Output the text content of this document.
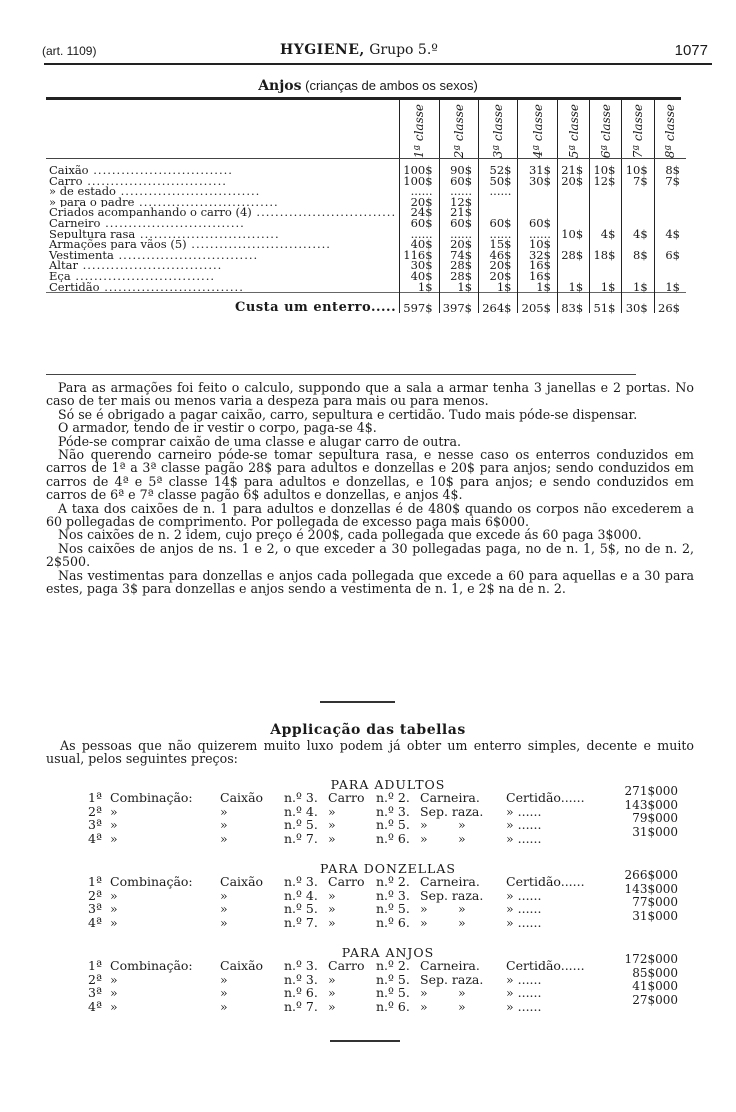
(art. 1109)	HYGIENE, Grupo 5.º	1077
Anjos (crianças de ambos os sexos)

	1ª classe	2ª classe	3ª classe	4ª classe	5ª classe	6ª classe	7ª classe	8ª classe

Caixão ..............................	100$	90$	52$	31$	21$	10$	10$	8$
Carro ..............................	100$	60$	50$	30$	20$	12$	7$	7$
» de estado ..............................	......	......	......					
» para o padre ..............................	20$	12$						
Criados acompanhando o carro (4) ..............................	24$	21$						
Carneiro ..............................	60$	60$	60$	60$				
Sepultura rasa ..............................	......	......	......	......	10$	4$	4$	4$
Armações para vãos (5) ..............................	40$	20$	15$	10$				
Vestimenta ..............................	116$	74$	46$	32$	28$	18$	8$	6$
Altar ..............................	30$	28$	20$	16$				
Eça ..............................	40$	28$	20$	16$				
Certidão ..............................	1$	1$	1$	1$	1$	1$	1$	1$
Custa um enterro.....	597$	397$	264$	205$	83$	51$	30$	26$

Para as armações foi feito o calculo, suppondo que a sala a armar tenha 3 janellas e 2 portas. No caso de ter mais ou menos varia a despeza para mais ou para menos.

Só se é obrigado a pagar caixão, carro, sepultura e certidão. Tudo mais póde-se dispensar.

O armador, tendo de ir vestir o corpo, paga-se 4$.

Póde-se comprar caixão de uma classe e alugar carro de outra.

Não querendo carneiro póde-se tomar sepultura rasa, e nesse caso os enterros conduzidos em carros de 1ª a 3ª classe pagão 28$ para adultos e donzellas e 20$ para anjos; sendo conduzidos em carros de 4ª e 5ª classe 14$ para adultos e donzellas, e 10$ para anjos; e sendo conduzidos em carros de 6ª e 7ª classe pagão 6$ adultos e donzellas, e anjos 4$.

A taxa dos caixões de n. 1 para adultos e donzellas é de 480$ quando os corpos não excederem a 60 pollegadas de comprimento. Por pollegada de excesso paga mais 6$000.

Nos caixões de n. 2 idem, cujo preço é 200$, cada pollegada que excede ás 60 paga 3$000.

Nos caixões de anjos de ns. 1 e 2, o que exceder a 30 pollegadas paga, no de n. 1, 5$, no de n. 2, 2$500.

Nas vestimentas para donzellas e anjos cada pollegada que excede a 60 para aquellas e a 30 para estes, paga 3$ para donzellas e anjos sendo a vestimenta de n. 1, e 2$ na de n. 2.

Applicação das tabellas

As pessoas que não quizerem muito luxo podem já obter um enterro simples, decente e muito usual, pelos seguintes preços:

PARA ADULTOS
1ª Combinação: Caixão n.º 3. Carro n.º 2. Carneira. Certidão......	271$000
2ª »	»	n.º 4. »	n.º 3. Sep. raza. » ......	143$000
3ª »	»	n.º 5. »	n.º 5. » »	» ......	79$000
4ª »	»	n.º 7. »	n.º 6. » »	» ......	31$000
PARA DONZELLAS
1ª Combinação: Caixão n.º 3. Carro n.º 2. Carneira. Certidão......	266$000
2ª »	»	n.º 4. »	n.º 3. Sep. raza. » ......	143$000
3ª »	»	n.º 5. »	n.º 5. » »	» ......	77$000
4ª »	»	n.º 7. »	n.º 6. » »	» ......	31$000
PARA ANJOS
1ª Combinação: Caixão n.º 3. Carro n.º 2. Carneira. Certidão......	172$000
2ª »	»	n.º 3. »	n.º 5. Sep. raza. » ......	85$000
3ª »	»	n.º 6. »	n.º 5. » »	» ......	41$000
4ª »	»	n.º 7. »	n.º 6. » »	» ......	27$000
